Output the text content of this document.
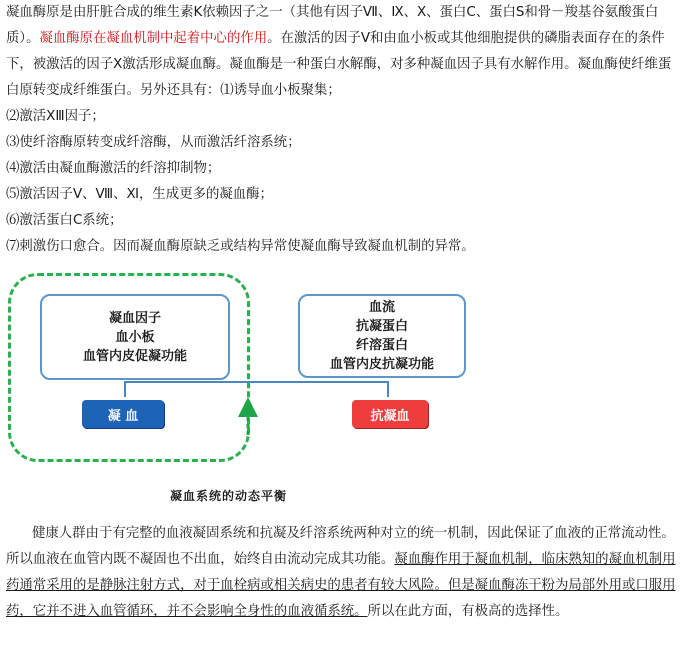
凝血酶原是由肝脏合成的维生素K依赖因子之一（其他有因子Ⅶ、Ⅸ、Ⅹ、蛋白C、蛋白S和骨－羧基谷氨酸蛋白质）。凝血酶原在凝血机制中起着中心的作用。在激活的因子Ⅴ和由血小板或其他细胞提供的磷脂表面存在的条件下，被激活的因子Ⅹ激活形成凝血酶。凝血酶是一种蛋白水解酶，对多种凝血因子具有水解作用。凝血酶使纤维蛋白原转变成纤维蛋白。另外还具有：⑴诱导血小板聚集；

⑵激活ⅩⅢ因子；
⑶使纤溶酶原转变成纤溶酶，从而激活纤溶系统；
⑷激活由凝血酶激活的纤溶抑制物；
⑸激活因子Ⅴ、Ⅷ、Ⅺ，生成更多的凝血酶；
⑹激活蛋白C系统；
⑺刺激伤口愈合。因而凝血酶原缺乏或结构异常使凝血酶导致凝血机制的异常。
凝血因子
血小板
血管内皮促凝功能
血流
抗凝蛋白
纤溶蛋白
血管内皮抗凝功能
凝 血	抗凝血
凝血系统的动态平衡

健康人群由于有完整的血液凝固系统和抗凝及纤溶系统两种对立的统一机制，因此保证了血液的正常流动性。所以血液在血管内既不凝固也不出血，始终自由流动完成其功能。凝血酶作用于凝血机制，临床熟知的凝血机制用药通常采用的是静脉注射方式，对于血栓病或相关病史的患者有较大风险。但是凝血酶冻干粉为局部外用或口服用药，它并不进入血管循环，并不会影响全身性的血液循系统。所以在此方面，有极高的选择性。
